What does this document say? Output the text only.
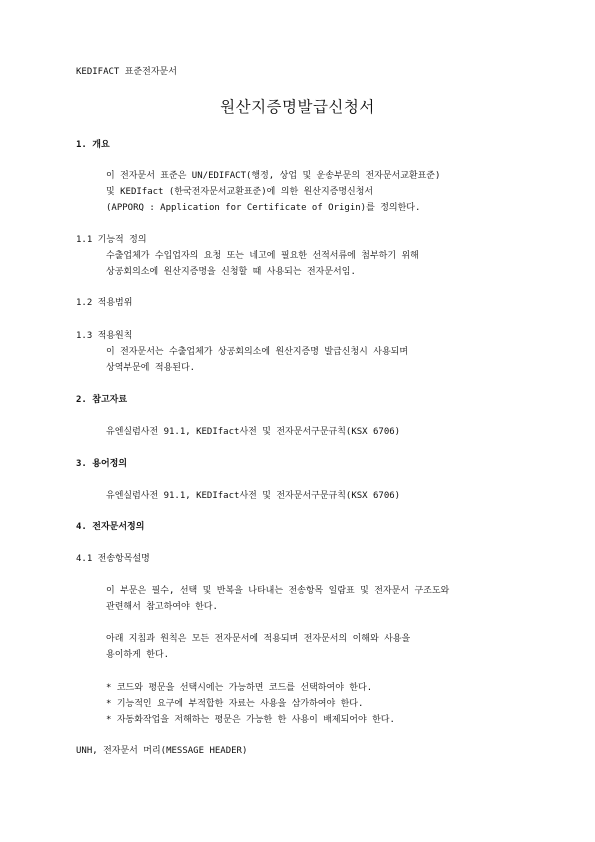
KEDIFACT 표준전자문서
원산지증명발급신청서
1. 개요
이 전자문서 표준은 UN/EDIFACT(행정, 상업 및 운송부문의 전자문서교환표준)
및 KEDIfact (한국전자문서교환표준)에 의한 원산지증명신청서
(APPORQ : Application for Certificate of Origin)를 정의한다.
1.1 기능적 정의
수출업체가 수입업자의 요청 또는 네고에 필요한 선적서류에 첨부하기 위해
상공회의소에 원산지증명을 신청할 때 사용되는 전자문서임.
1.2 적용범위
1.3 적용원칙
이 전자문서는 수출업체가 상공회의소에 원산지증명 발급신청시 사용되며
상역부문에 적용된다.
2. 참고자료
유엔실럼사전 91.1, KEDIfact사전 및 전자문서구문규칙(KSX 6706)
3. 용어정의
유엔실럼사전 91.1, KEDIfact사전 및 전자문서구문규칙(KSX 6706)
4. 전자문서정의
4.1 전송항목설명
이 부문은 필수, 선택 및 반복을 나타내는 전송항목 일람표 및 전자문서 구조도와
관련해서 참고하여야 한다.
아래 지침과 원칙은 모든 전자문서에 적용되며 전자문서의 이해와 사용을
용이하게 한다.
* 코드와 평문을 선택시에는 가능하면 코드를 선택하여야 한다.
* 기능적인 요구에 부적합한 자료는 사용을 삼가하여야 한다.
* 자동화작업을 저해하는 평문은 가능한 한 사용이 배제되어야 한다.
UNH, 전자문서 머리(MESSAGE HEADER)
